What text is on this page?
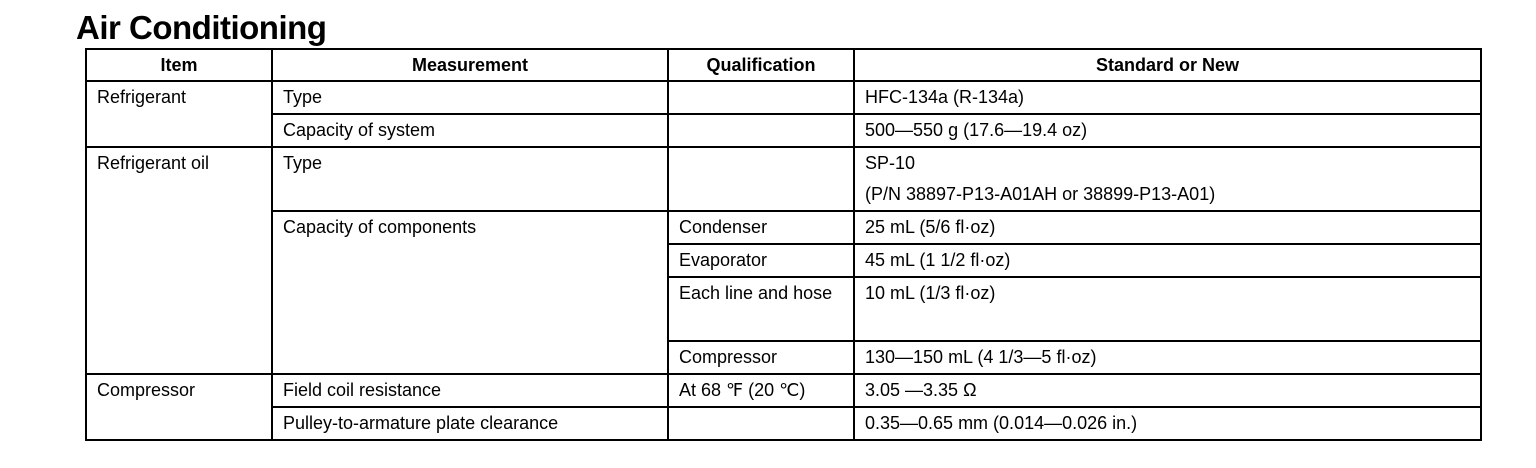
Air Conditioning
Item	Measurement	Qualification	Standard or New
Refrigerant	Type		HFC-134a (R-134a)
	Capacity of system		500—550 g (17.6—19.4 oz)
Refrigerant oil	Type		SP-10
(P/N 38897-P13-A01AH or 38899-P13-A01)

	Capacity of components	Condenser	25 mL (5/6 fl·oz)
		Evaporator	45 mL (1 1/2 fl·oz)
		Each line and hose	10 mL (1/3 fl·oz)
		Compressor	130—150 mL (4 1/3—5 fl·oz)
Compressor	Field coil resistance	At 68 ℉ (20 ℃)	3.05 —3.35 Ω
	Pulley-to-armature plate clearance		0.35—0.65 mm (0.014—0.026 in.)
